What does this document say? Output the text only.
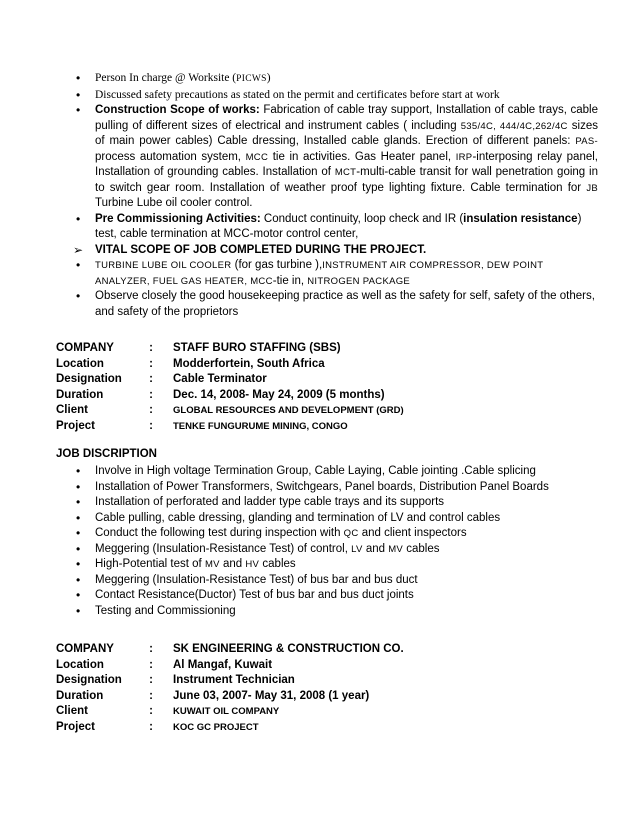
• Person In charge @ Worksite (PICWS)
• Discussed safety precautions as stated on the permit and certificates before start at work
• Construction Scope of works: Fabrication of cable tray support, Installation of cable trays, cable pulling of different sizes of electrical and instrument cables ( including 535/4C, 444/4C,262/4C sizes of main power cables) Cable dressing, Installed cable glands. Erection of different panels: PAS-process automation system, MCC tie in activities. Gas Heater panel, IRP-interposing relay panel, Installation of grounding cables. Installation of MCT-multi-cable transit for wall penetration going in to switch gear room. Installation of weather proof type lighting fixture. Cable termination for JB Turbine Lube oil cooler control.
• Pre Commissioning Activities: Conduct continuity, loop check and IR (insulation resistance) test, cable termination at MCC-motor control center,
➢ VITAL SCOPE OF JOB COMPLETED DURING THE PROJECT.
• TURBINE LUBE OIL COOLER (for gas turbine ),INSTRUMENT AIR COMPRESSOR, DEW POINT ANALYZER, FUEL GAS HEATER, MCC-tie in, NITROGEN PACKAGE
• Observe closely the good housekeeping practice as well as the safety for self, safety of the others, and safety of the proprietors
COMPANY	:	STAFF BURO STAFFING (SBS)
Location	:	Modderfortein, South Africa
Designation	:	Cable Terminator
Duration	:	Dec. 14, 2008- May 24, 2009 (5 months)
Client	:	GLOBAL RESOURCES AND DEVELOPMENT (GRD)
Project	:	TENKE FUNGURUME MINING, CONGO
JOB DISCRIPTION
• Involve in High voltage Termination Group, Cable Laying, Cable jointing .Cable splicing
• Installation of Power Transformers, Switchgears, Panel boards, Distribution Panel Boards
• Installation of perforated and ladder type cable trays and its supports
• Cable pulling, cable dressing, glanding and termination of LV and control cables
• Conduct the following test during inspection with QC and client inspectors
• Meggering (Insulation-Resistance Test) of control, LV and MV cables
• High-Potential test of MV and HV cables
• Meggering (Insulation-Resistance Test) of bus bar and bus duct
• Contact Resistance(Ductor) Test of bus bar and bus duct joints
• Testing and Commissioning
COMPANY	:	SK ENGINEERING & CONSTRUCTION CO.
Location	:	Al Mangaf, Kuwait
Designation	:	Instrument Technician
Duration	:	June 03, 2007- May 31, 2008 (1 year)
Client	:	KUWAIT OIL COMPANY
Project	:	KOC GC PROJECT
